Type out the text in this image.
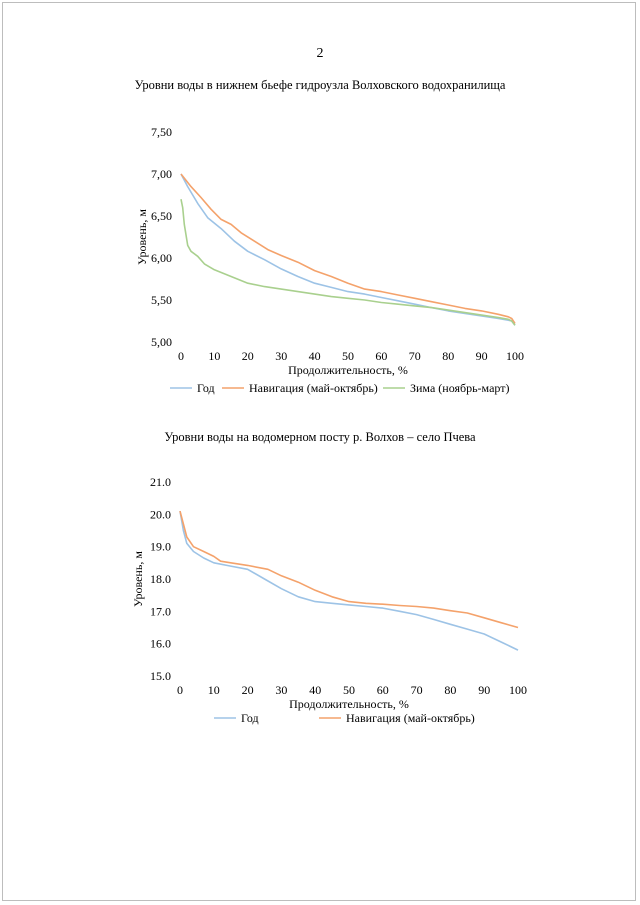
2
Уровни воды в нижнем бьефе гидроузла Волховского водохранилища
5,00
5,50
6,00
6,50
7,00
7,50
0 10 20 30 40 50 60 70 80 90 100
Продолжительность, %
Уровень, м
Год	Навигация (май-октябрь)	Зима (ноябрь-март)
Уровни воды на водомерном посту р. Волхов – село Пчева
15.0
16.0
17.0
18.0
19.0
20.0
21.0
0 10 20 30 40 50 60 70 80 90 100
Продолжительность, %
Уровень, м
Год	Навигация (май-октябрь)
